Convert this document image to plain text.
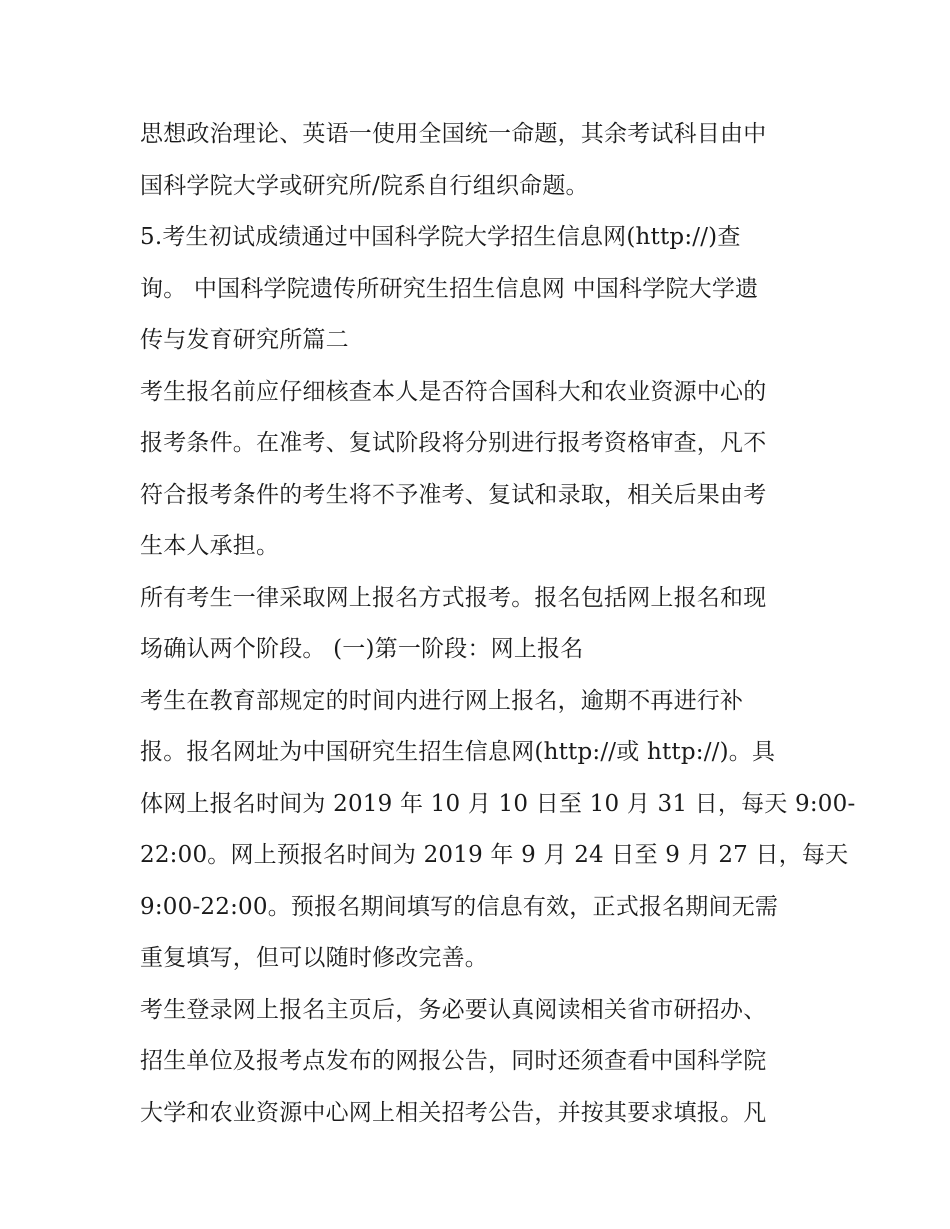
思想政治理论、英语一使用全国统一命题，其余考试科目由中
国科学院大学或研究所/院系自行组织命题。
5.考生初试成绩通过中国科学院大学招生信息网(http://)查
询。 中国科学院遗传所研究生招生信息网 中国科学院大学遗
传与发育研究所篇二
考生报名前应仔细核查本人是否符合国科大和农业资源中心的
报考条件。在准考、复试阶段将分别进行报考资格审查，凡不
符合报考条件的考生将不予准考、复试和录取，相关后果由考
生本人承担。
所有考生一律采取网上报名方式报考。报名包括网上报名和现
场确认两个阶段。 (一)第一阶段：网上报名
考生在教育部规定的时间内进行网上报名，逾期不再进行补
报。报名网址为中国研究生招生信息网(http://或 http://)。具
体网上报名时间为 2019 年 10 月 10 日至 10 月 31 日，每天 9:00-
22:00。网上预报名时间为 2019 年 9 月 24 日至 9 月 27 日，每天
9:00-22:00。预报名期间填写的信息有效，正式报名期间无需
重复填写，但可以随时修改完善。
考生登录网上报名主页后，务必要认真阅读相关省市研招办、
招生单位及报考点发布的网报公告，同时还须查看中国科学院
大学和农业资源中心网上相关招考公告，并按其要求填报。凡
